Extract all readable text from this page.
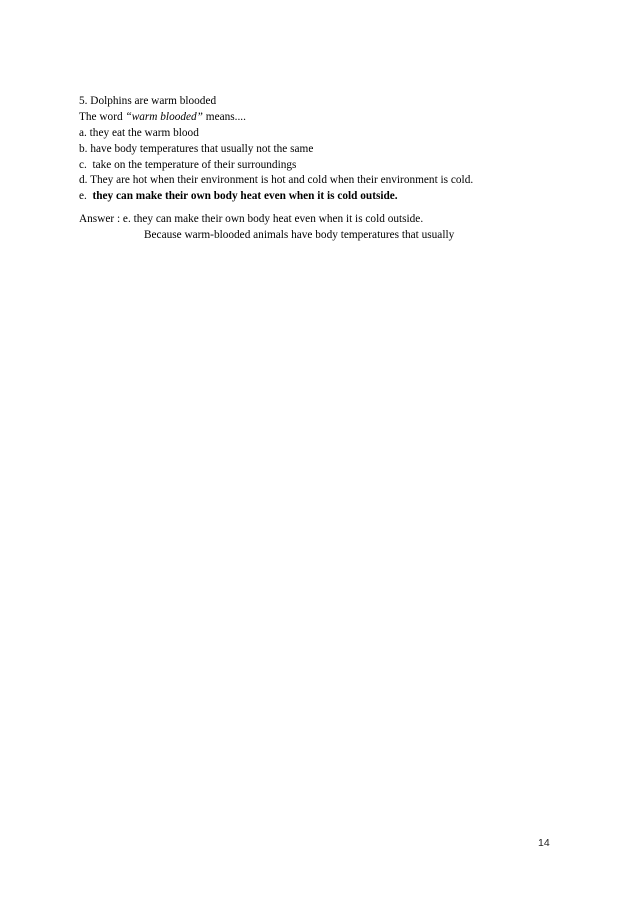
5. Dolphins are warm blooded
The word “warm blooded” means....
a. they eat the warm blood
b. have body temperatures that usually not the same
c. take on the temperature of their surroundings
d. They are hot when their environment is hot and cold when their environment is cold.
e. they can make their own body heat even when it is cold outside.
Answer : e. they can make their own body heat even when it is cold outside.
Because warm-blooded animals have body temperatures that usually
14
